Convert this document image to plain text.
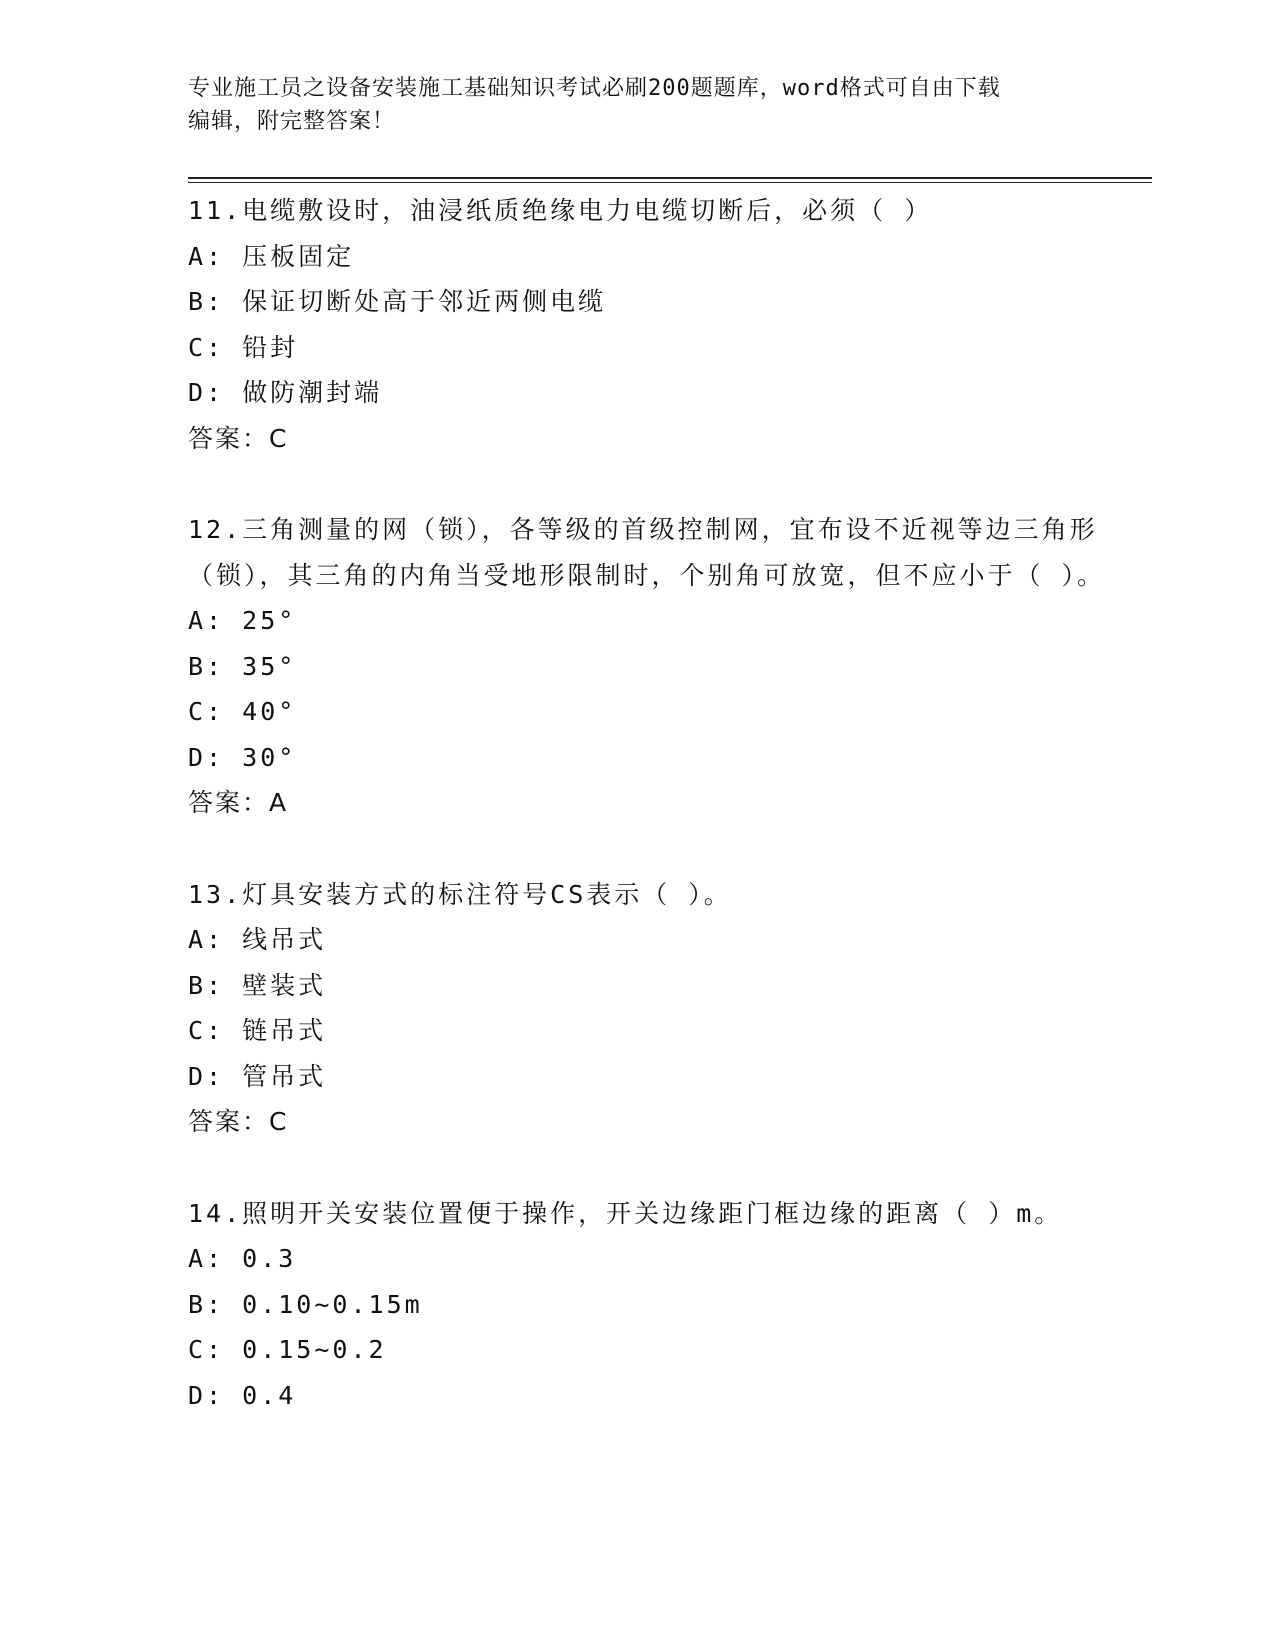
专业施工员之设备安装施工基础知识考试必刷200题题库，word格式可自由下载
编辑，附完整答案！

11.电缆敷设时，油浸纸质绝缘电力电缆切断后，必须（ ）

A: 压板固定

B: 保证切断处高于邻近两侧电缆

C: 铅封

D: 做防潮封端

答案：C

12.三角测量的网（锁），各等级的首级控制网，宜布设不近视等边三角形（锁），其三角的内角当受地形限制时，个别角可放宽，但不应小于（ ）。

A: 25°

B: 35°

C: 40°

D: 30°

答案：A

13.灯具安装方式的标注符号CS表示（ ）。

A: 线吊式

B: 壁装式

C: 链吊式

D: 管吊式

答案：C

14.照明开关安装位置便于操作，开关边缘距门框边缘的距离（ ）m。

A: 0.3

B: 0.10~0.15m

C: 0.15~0.2

D: 0.4
